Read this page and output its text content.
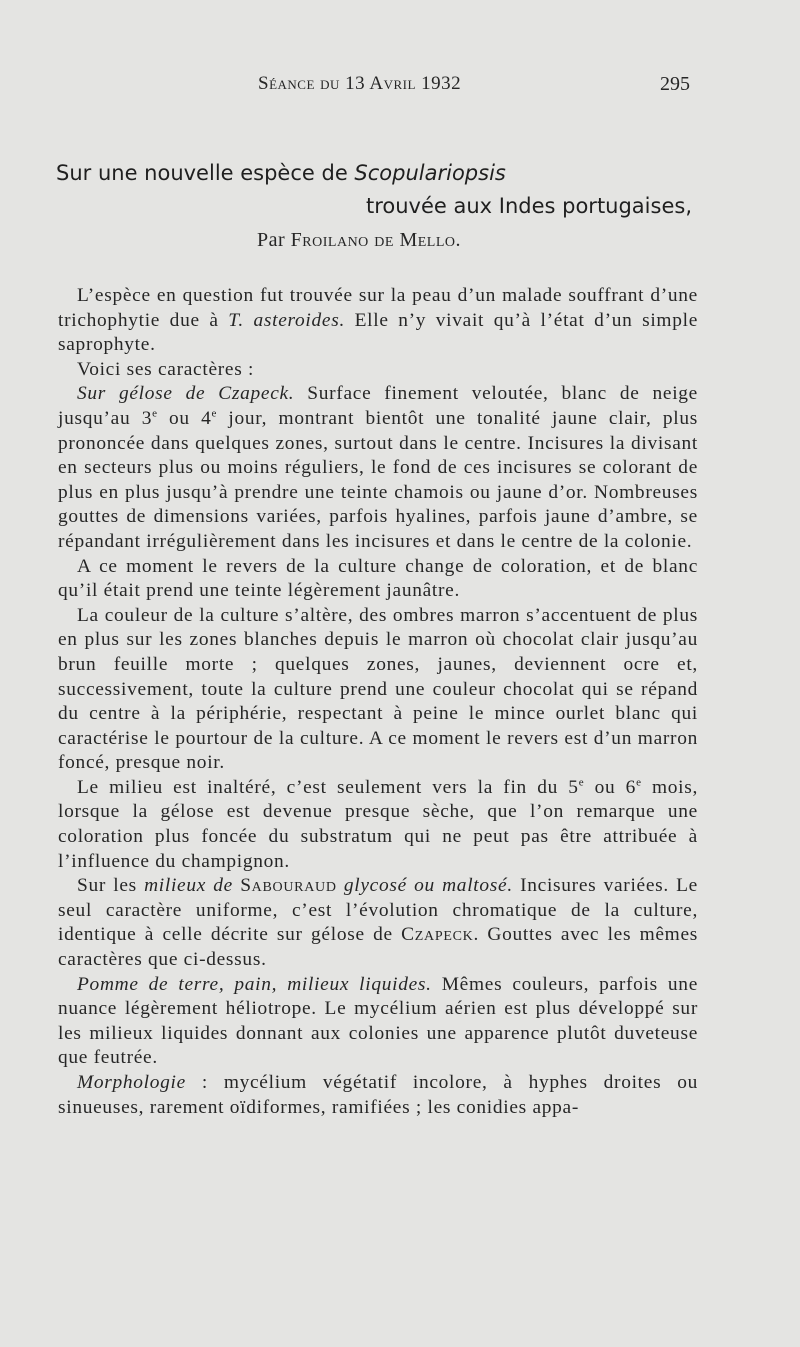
Séance du 13 Avril 1932	295
Sur une nouvelle espèce de Scopulariopsis
trouvée aux Indes portugaises,
Par Froilano de Mello.

L’espèce en question fut trouvée sur la peau d’un malade souffrant d’une trichophytie due à T. asteroides. Elle n’y vivait qu’à l’état d’un simple saprophyte.

Voici ses caractères :

Sur gélose de Czapeck. Surface finement veloutée, blanc de neige jusqu’au 3e ou 4e jour, montrant bientôt une tonalité jaune clair, plus prononcée dans quelques zones, surtout dans le centre. Incisures la divisant en secteurs plus ou moins réguliers, le fond de ces incisures se colorant de plus en plus jusqu’à prendre une teinte chamois ou jaune d’or. Nombreuses gouttes de dimensions variées, parfois hyalines, parfois jaune d’ambre, se répandant irrégulièrement dans les incisures et dans le centre de la colonie.

A ce moment le revers de la culture change de coloration, et de blanc qu’il était prend une teinte légèrement jaunâtre.

La couleur de la culture s’altère, des ombres marron s’accentuent de plus en plus sur les zones blanches depuis le marron où chocolat clair jusqu’au brun feuille morte ; quelques zones, jaunes, deviennent ocre et, successivement, toute la culture prend une couleur chocolat qui se répand du centre à la périphérie, respectant à peine le mince ourlet blanc qui caractérise le pourtour de la culture. A ce moment le revers est d’un marron foncé, presque noir.

Le milieu est inaltéré, c’est seulement vers la fin du 5e ou 6e mois, lorsque la gélose est devenue presque sèche, que l’on remarque une coloration plus foncée du substratum qui ne peut pas être attribuée à l’influence du champignon.

Sur les milieux de Sabouraud glycosé ou maltosé. Incisures variées. Le seul caractère uniforme, c’est l’évolution chromatique de la culture, identique à celle décrite sur gélose de Czapeck. Gouttes avec les mêmes caractères que ci-dessus.

Pomme de terre, pain, milieux liquides. Mêmes couleurs, parfois une nuance légèrement héliotrope. Le mycélium aérien est plus développé sur les milieux liquides donnant aux colonies une apparence plutôt duveteuse que feutrée.

Morphologie : mycélium végétatif incolore, à hyphes droites ou sinueuses, rarement oïdiformes, ramifiées ; les conidies appa-
